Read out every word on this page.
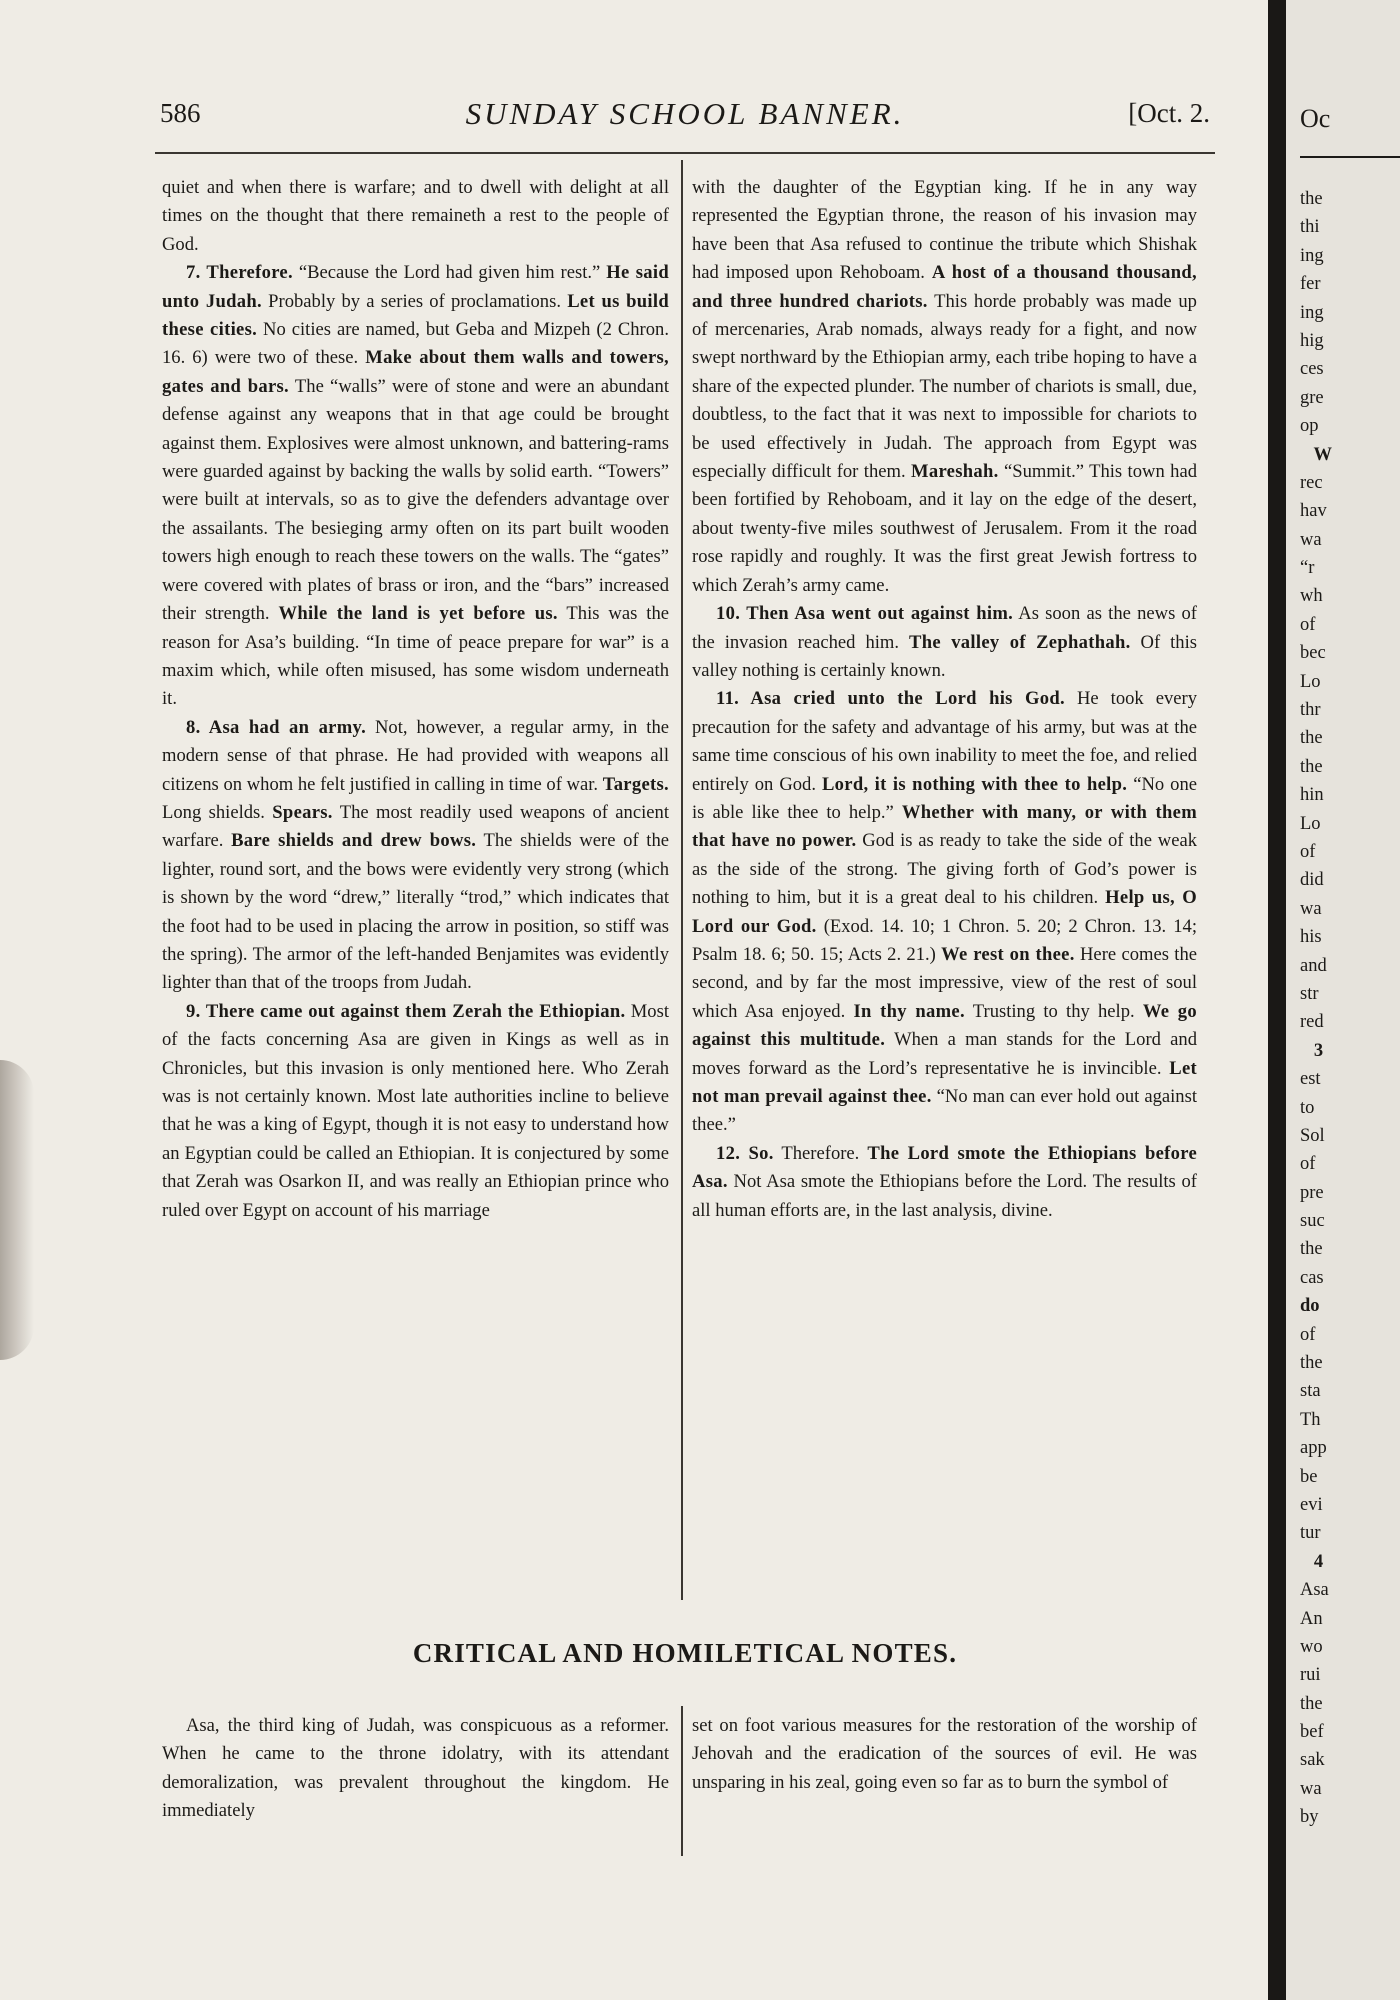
586	SUNDAY SCHOOL BANNER.	[Oct. 2.

quiet and when there is warfare; and to dwell with delight at all times on the thought that there remaineth a rest to the people of God.

7. Therefore. “Because the Lord had given him rest.” He said unto Judah. Probably by a series of proclamations. Let us build these cities. No cities are named, but Geba and Mizpeh (2 Chron. 16. 6) were two of these. Make about them walls and towers, gates and bars. The “walls” were of stone and were an abundant defense against any weapons that in that age could be brought against them. Explosives were almost unknown, and battering-rams were guarded against by backing the walls by solid earth. “Towers” were built at intervals, so as to give the defenders advantage over the assailants. The besieging army often on its part built wooden towers high enough to reach these towers on the walls. The “gates” were covered with plates of brass or iron, and the “bars” increased their strength. While the land is yet before us. This was the reason for Asa’s building. “In time of peace prepare for war” is a maxim which, while often misused, has some wisdom underneath it.

8. Asa had an army. Not, however, a regular army, in the modern sense of that phrase. He had provided with weapons all citizens on whom he felt justified in calling in time of war. Targets. Long shields. Spears. The most readily used weapons of ancient warfare. Bare shields and drew bows. The shields were of the lighter, round sort, and the bows were evidently very strong (which is shown by the word “drew,” literally “trod,” which indicates that the foot had to be used in placing the arrow in position, so stiff was the spring). The armor of the left-handed Benjamites was evidently lighter than that of the troops from Judah.

9. There came out against them Zerah the Ethiopian. Most of the facts concerning Asa are given in Kings as well as in Chronicles, but this invasion is only mentioned here. Who Zerah was is not certainly known. Most late authorities incline to believe that he was a king of Egypt, though it is not easy to understand how an Egyptian could be called an Ethiopian. It is conjectured by some that Zerah was Osarkon II, and was really an Ethiopian prince who ruled over Egypt on account of his marriage

with the daughter of the Egyptian king. If he in any way represented the Egyptian throne, the reason of his invasion may have been that Asa refused to continue the tribute which Shishak had imposed upon Rehoboam. A host of a thousand thousand, and three hundred chariots. This horde probably was made up of mercenaries, Arab nomads, always ready for a fight, and now swept northward by the Ethiopian army, each tribe hoping to have a share of the expected plunder. The number of chariots is small, due, doubtless, to the fact that it was next to impossible for chariots to be used effectively in Judah. The approach from Egypt was especially difficult for them. Mareshah. “Summit.” This town had been fortified by Rehoboam, and it lay on the edge of the desert, about twenty-five miles southwest of Jerusalem. From it the road rose rapidly and roughly. It was the first great Jewish fortress to which Zerah’s army came.

10. Then Asa went out against him. As soon as the news of the invasion reached him. The valley of Zephathah. Of this valley nothing is certainly known.

11. Asa cried unto the Lord his God. He took every precaution for the safety and advantage of his army, but was at the same time conscious of his own inability to meet the foe, and relied entirely on God. Lord, it is nothing with thee to help. “No one is able like thee to help.” Whether with many, or with them that have no power. God is as ready to take the side of the weak as the side of the strong. The giving forth of God’s power is nothing to him, but it is a great deal to his children. Help us, O Lord our God. (Exod. 14. 10; 1 Chron. 5. 20; 2 Chron. 13. 14; Psalm 18. 6; 50. 15; Acts 2. 21.) We rest on thee. Here comes the second, and by far the most impressive, view of the rest of soul which Asa enjoyed. In thy name. Trusting to thy help. We go against this multitude. When a man stands for the Lord and moves forward as the Lord’s representative he is invincible. Let not man prevail against thee. “No man can ever hold out against thee.”

12. So. Therefore. The Lord smote the Ethiopians before Asa. Not Asa smote the Ethiopians before the Lord. The results of all human efforts are, in the last analysis, divine.

CRITICAL AND HOMILETICAL NOTES.

Asa, the third king of Judah, was conspicuous as a reformer. When he came to the throne idolatry, with its attendant demoralization, was prevalent throughout the kingdom. He immediately

set on foot various measures for the restoration of the worship of Jehovah and the eradication of the sources of evil. He was unsparing in his zeal, going even so far as to burn the symbol of

Oc
the
thi
ing
fer
ing
hig
ces
gre
op
W
rec
hav
wa
“r
wh
of
bec
Lo
thr
the
the
hin
Lo
of
did
wa
his
and
str
red
3
est
to
Sol
of
pre
suc
the
cas
do
of
the
sta
Th
app
be
evi
tur
4
Asa
An
wo
rui
the
bef
sak
wa
by
